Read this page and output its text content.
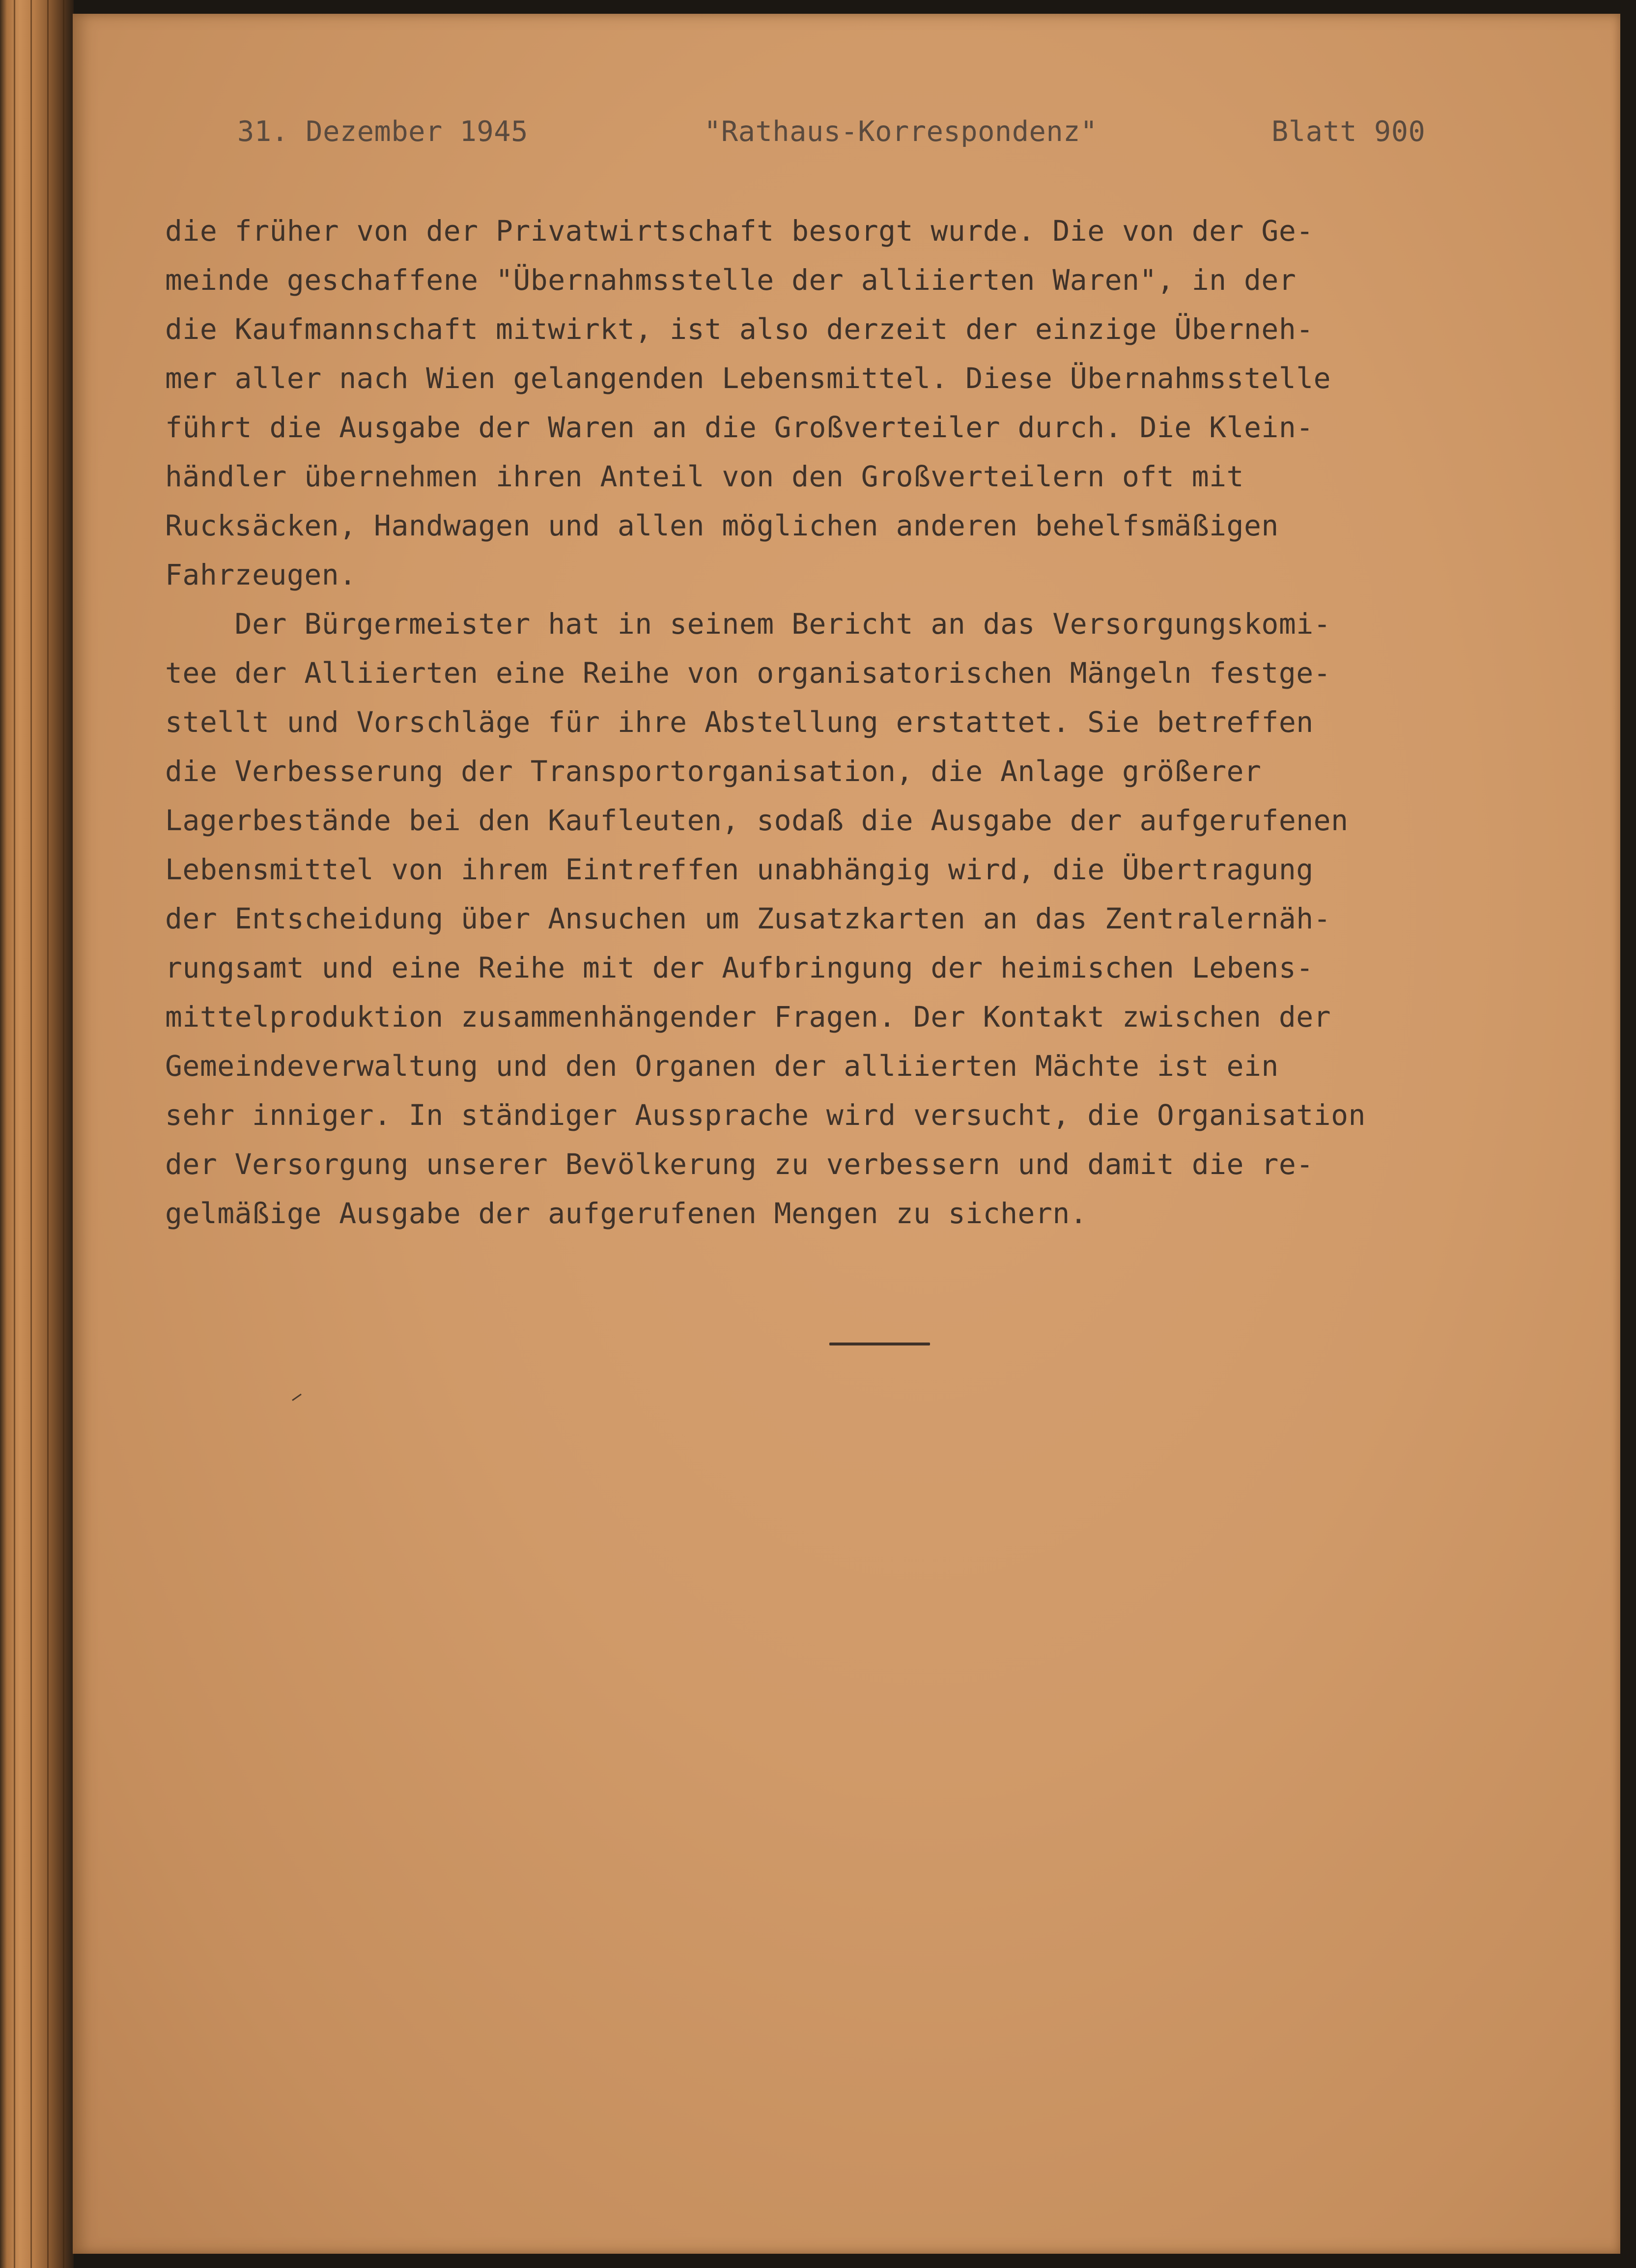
31. Dezember 1945	"Rathaus-Korrespondenz"	Blatt 900
die früher von der Privatwirtschaft besorgt wurde. Die von der Ge-
meinde geschaffene "Übernahmsstelle der alliierten Waren", in der
die Kaufmannschaft mitwirkt, ist also derzeit der einzige Überneh-
mer aller nach Wien gelangenden Lebensmittel. Diese Übernahmsstelle
führt die Ausgabe der Waren an die Großverteiler durch. Die Klein-
händler übernehmen ihren Anteil von den Großverteilern oft mit
Rucksäcken, Handwagen und allen möglichen anderen behelfsmäßigen
Fahrzeugen.
Der Bürgermeister hat in seinem Bericht an das Versorgungskomi-
tee der Alliierten eine Reihe von organisatorischen Mängeln festge-
stellt und Vorschläge für ihre Abstellung erstattet. Sie betreffen
die Verbesserung der Transportorganisation, die Anlage größerer
Lagerbestände bei den Kaufleuten, sodaß die Ausgabe der aufgerufenen
Lebensmittel von ihrem Eintreffen unabhängig wird, die Übertragung
der Entscheidung über Ansuchen um Zusatzkarten an das Zentralernäh-
rungsamt und eine Reihe mit der Aufbringung der heimischen Lebens-
mittelproduktion zusammenhängender Fragen. Der Kontakt zwischen der
Gemeindeverwaltung und den Organen der alliierten Mächte ist ein
sehr inniger. In ständiger Aussprache wird versucht, die Organisation
der Versorgung unserer Bevölkerung zu verbessern und damit die re-
gelmäßige Ausgabe der aufgerufenen Mengen zu sichern.
